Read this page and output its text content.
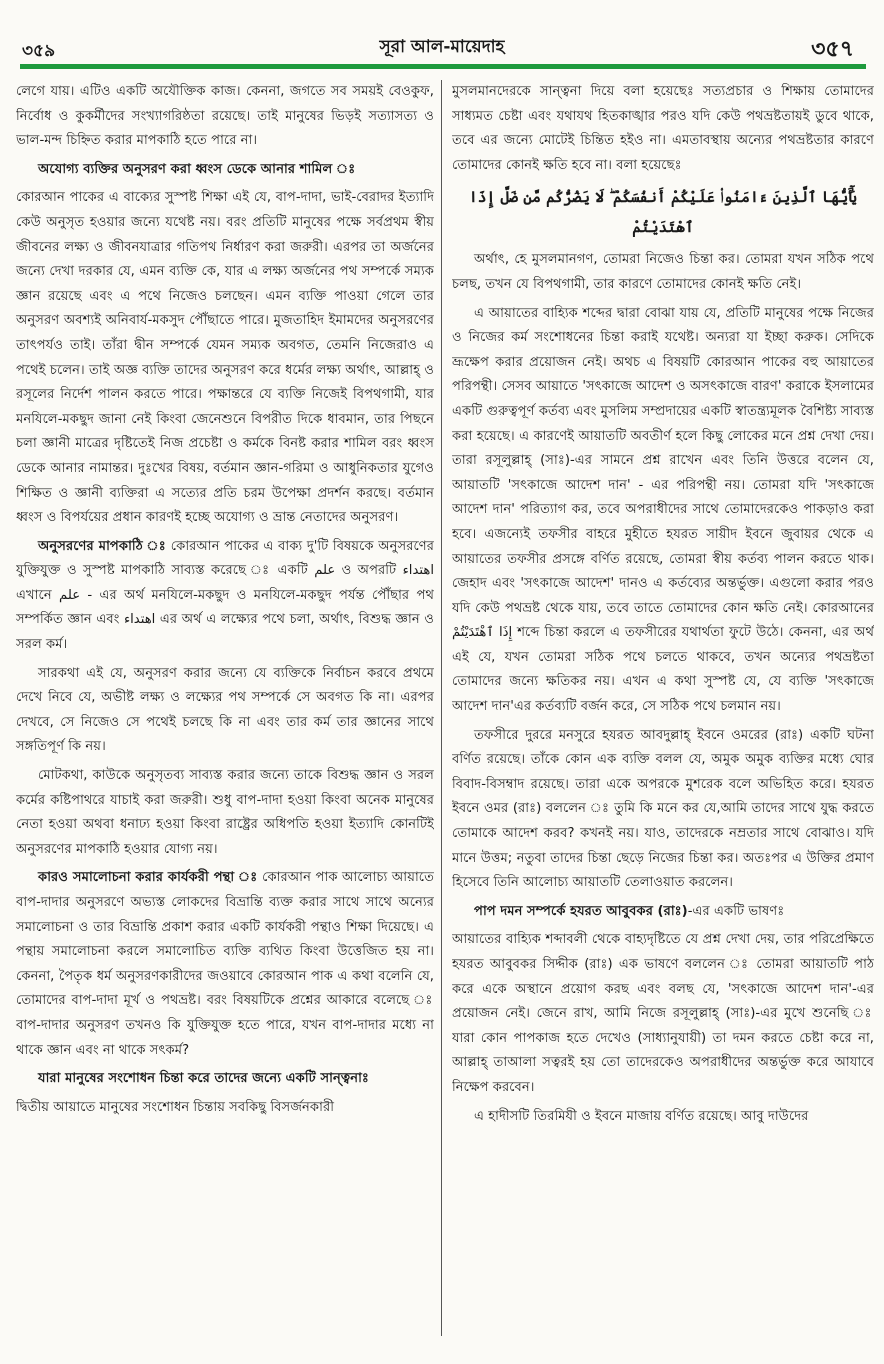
৩৫৯	সূরা আল-মায়েদাহ	৩৫৭

লেগে যায়। এটিও একটি অযৌক্তিক কাজ। কেননা, জগতে সব সময়ই বেওকুফ, নির্বোধ ও কুকর্মীদের সংখ্যাগরিষ্ঠতা রয়েছে। তাই মানুষের ভিড়ই সত্যাসত্য ও ভাল-মন্দ চিহ্নিত করার মাপকাঠি হতে পারে না।

অযোগ্য ব্যক্তির অনুসরণ করা ধ্বংস ডেকে আনার শামিল ঃ

কোরআন পাকের এ বাক্যের সুস্পষ্ট শিক্ষা এই যে, বাপ-দাদা, ভাই-বেরাদর ইত্যাদি কেউ অনুসৃত হওয়ার জন্যে যথেষ্ট নয়। বরং প্রতিটি মানুষের পক্ষে সর্বপ্রথম স্বীয় জীবনের লক্ষ্য ও জীবনযাত্রার গতিপথ নির্ধারণ করা জরুরী। এরপর তা অর্জনের জন্যে দেখা দরকার যে, এমন ব্যক্তি কে, যার এ লক্ষ্য অর্জনের পথ সম্পর্কে সম্যক জ্ঞান রয়েছে এবং এ পথে নিজেও চলছেন। এমন ব্যক্তি পাওয়া গেলে তার অনুসরণ অবশ্যই অনিবার্য-মকসুদ পৌঁছাতে পারে। মুজতাহিদ ইমামদের অনুসরণের তাৎপর্যও তাই। তাঁরা দ্বীন সম্পর্কে যেমন সম্যক অবগত, তেমনি নিজেরাও এ পথেই চলেন। তাই অজ্ঞ ব্যক্তি তাদের অনুসরণ করে ধর্মের লক্ষ্য অর্থাৎ, আল্লাহ্ ও রসূলের নির্দেশ পালন করতে পারে। পক্ষান্তরে যে ব্যক্তি নিজেই বিপথগামী, যার মনযিলে-মকছুদ জানা নেই কিংবা জেনেশুনে বিপরীত দিকে ধাবমান, তার পিছনে চলা জ্ঞানী মাত্রের দৃষ্টিতেই নিজ প্রচেষ্টা ও কর্মকে বিনষ্ট করার শামিল বরং ধ্বংস ডেকে আনার নামান্তর। দুঃখের বিষয়, বর্তমান জ্ঞান-গরিমা ও আধুনিকতার যুগেও শিক্ষিত ও জ্ঞানী ব্যক্তিরা এ সত্যের প্রতি চরম উপেক্ষা প্রদর্শন করছে। বর্তমান ধ্বংস ও বিপর্যয়ের প্রধান কারণই হচ্ছে অযোগ্য ও ভ্রান্ত নেতাদের অনুসরণ।

অনুসরণের মাপকাঠি ঃ কোরআন পাকের এ বাক্য দু'টি বিষয়কে অনুসরণের যুক্তিযুক্ত ও সুস্পষ্ট মাপকাঠি সাব্যস্ত করেছে ঃ একটি علم ও অপরটি اهتداء এখানে علم - এর অর্থ মনযিলে-মকছুদ ও মনযিলে-মকছুদ পর্যন্ত পৌঁছার পথ সম্পর্কিত জ্ঞান এবং اهتداء এর অর্থ এ লক্ষ্যের পথে চলা, অর্থাৎ, বিশুদ্ধ জ্ঞান ও সরল কর্ম।

সারকথা এই যে, অনুসরণ করার জন্যে যে ব্যক্তিকে নির্বাচন করবে প্রথমে দেখে নিবে যে, অভীষ্ট লক্ষ্য ও লক্ষ্যের পথ সম্পর্কে সে অবগত কি না। এরপর দেখবে, সে নিজেও সে পথেই চলছে কি না এবং তার কর্ম তার জ্ঞানের সাথে সঙ্গতিপূর্ণ কি নয়।

মোটকথা, কাউকে অনুসৃতব্য সাব্যস্ত করার জন্যে তাকে বিশুদ্ধ জ্ঞান ও সরল কর্মের কষ্টিপাথরে যাচাই করা জরুরী। শুধু বাপ-দাদা হওয়া কিংবা অনেক মানুষের নেতা হওয়া অথবা ধনাঢ্য হওয়া কিংবা রাষ্ট্রের অধিপতি হওয়া ইত্যাদি কোনটিই অনুসরণের মাপকাঠি হওয়ার যোগ্য নয়।

কারও সমালোচনা করার কার্যকরী পন্থা ঃ কোরআন পাক আলোচ্য আয়াতে বাপ-দাদার অনুসরণে অভ্যস্ত লোকদের বিভ্রান্তি ব্যক্ত করার সাথে সাথে অন্যের সমালোচনা ও তার বিভ্রান্তি প্রকাশ করার একটি কার্যকরী পন্থাও শিক্ষা দিয়েছে। এ পন্থায় সমালোচনা করলে সমালোচিত ব্যক্তি ব্যথিত কিংবা উত্তেজিত হয় না। কেননা, পৈতৃক ধর্ম অনুসরণকারীদের জওয়াবে কোরআন পাক এ কথা বলেনি যে, তোমাদের বাপ-দাদা মূর্খ ও পথভ্রষ্ট। বরং বিষয়টিকে প্রশ্নের আকারে বলেছে ঃ বাপ-দাদার অনুসরণ তখনও কি যুক্তিযুক্ত হতে পারে, যখন বাপ-দাদার মধ্যে না থাকে জ্ঞান এবং না থাকে সৎকর্ম?

যারা মানুষের সংশোধন চিন্তা করে তাদের জন্যে একটি সান্ত্বনাঃ

দ্বিতীয় আয়াতে মানুষের সংশোধন চিন্তায় সবকিছু বিসর্জনকারী

মুসলমানদেরকে সান্ত্বনা দিয়ে বলা হয়েছেঃ সত্যপ্রচার ও শিক্ষায় তোমাদের সাধ্যমত চেষ্টা এবং যথাযথ হিতকাঙ্খার পরও যদি কেউ পথভ্রষ্টতায়ই ডুবে থাকে, তবে এর জন্যে মোটেই চিন্তিত হইও না। এমতাবস্থায় অন্যের পথভ্রষ্টতার কারণে তোমাদের কোনই ক্ষতি হবে না। বলা হয়েছেঃ

يَٰٓأَيُّهَا ٱلَّذِينَ ءَامَنُوا۟ عَلَيْكُمْ أَنفُسَكُمْ ۖ لَا يَضُرُّكُم مَّن ضَلَّ إِذَا ٱهْتَدَيْتُمْ

অর্থাৎ, হে মুসলমানগণ, তোমরা নিজেও চিন্তা কর। তোমরা যখন সঠিক পথে চলছ, তখন যে বিপথগামী, তার কারণে তোমাদের কোনই ক্ষতি নেই।

এ আয়াতের বাহ্যিক শব্দের দ্বারা বোঝা যায় যে, প্রতিটি মানুষের পক্ষে নিজের ও নিজের কর্ম সংশোধনের চিন্তা করাই যথেষ্ট। অন্যরা যা ইচ্ছা করুক। সেদিকে ভ্রূক্ষেপ করার প্রয়োজন নেই। অথচ এ বিষয়টি কোরআন পাকের বহু আয়াতের পরিপন্থী। সেসব আয়াতে 'সৎকাজে আদেশ ও অসৎকাজে বারণ' করাকে ইসলামের একটি গুরুত্বপূর্ণ কর্তব্য এবং মুসলিম সম্প্রদায়ের একটি স্বাতন্ত্র্যমূলক বৈশিষ্ট্য সাব্যস্ত করা হয়েছে। এ কারণেই আয়াতটি অবতীর্ণ হলে কিছু লোকের মনে প্রশ্ন দেখা দেয়। তারা রসূলুল্লাহ্ (সাঃ)-এর সামনে প্রশ্ন রাখেন এবং তিনি উত্তরে বলেন যে, আয়াতটি 'সৎকাজে আদেশ দান' - এর পরিপন্থী নয়। তোমরা যদি 'সৎকাজে আদেশ দান' পরিত্যাগ কর, তবে অপরাধীদের সাথে তোমাদেরকেও পাকড়াও করা হবে। এজন্যেই তফসীর বাহরে মুহীতে হযরত সায়ীদ ইবনে জুবায়র থেকে এ আয়াতের তফসীর প্রসঙ্গে বর্ণিত রয়েছে, তোমরা স্বীয় কর্তব্য পালন করতে থাক। জেহাদ এবং 'সৎকাজে আদেশ' দানও এ কর্তব্যের অন্তর্ভুক্ত। এগুলো করার পরও যদি কেউ পথভ্রষ্ট থেকে যায়, তবে তাতে তোমাদের কোন ক্ষতি নেই। কোরআনের إِذَا ٱهْتَدَيْتُمْ শব্দে চিন্তা করলে এ তফসীরের যথার্থতা ফুটে উঠে। কেননা, এর অর্থ এই যে, যখন তোমরা সঠিক পথে চলতে থাকবে, তখন অন্যের পথভ্রষ্টতা তোমাদের জন্যে ক্ষতিকর নয়। এখন এ কথা সুস্পষ্ট যে, যে ব্যক্তি 'সৎকাজে আদেশ দান'এর কর্তব্যটি বর্জন করে, সে সঠিক পথে চলমান নয়।

তফসীরে দুররে মনসুরে হযরত আবদুল্লাহ্ ইবনে ওমরের (রাঃ) একটি ঘটনা বর্ণিত রয়েছে। তাঁকে কোন এক ব্যক্তি বলল যে, অমুক অমুক ব্যক্তির মধ্যে ঘোর বিবাদ-বিসম্বাদ রয়েছে। তারা একে অপরকে মুশরেক বলে অভিহিত করে। হযরত ইবনে ওমর (রাঃ) বললেন ঃ তুমি কি মনে কর যে,আমি তাদের সাথে যুদ্ধ করতে তোমাকে আদেশ করব? কখনই নয়। যাও, তাদেরকে নম্রতার সাথে বোঝাও। যদি মানে উত্তম; নতুবা তাদের চিন্তা ছেড়ে নিজের চিন্তা কর। অতঃপর এ উক্তির প্রমাণ হিসেবে তিনি আলোচ্য আয়াতটি তেলাওয়াত করলেন।

পাপ দমন সম্পর্কে হযরত আবুবকর (রাঃ)-এর একটি ভাষণঃ

আয়াতের বাহ্যিক শব্দাবলী থেকে বাহ্যদৃষ্টিতে যে প্রশ্ন দেখা দেয়, তার পরিপ্রেক্ষিতে হযরত আবুবকর সিদ্দীক (রাঃ) এক ভাষণে বললেন ঃ তোমরা আয়াতটি পাঠ করে একে অস্থানে প্রয়োগ করছ এবং বলছ যে, 'সৎকাজে আদেশ দান'-এর প্রয়োজন নেই। জেনে রাখ, আমি নিজে রসূলুল্লাহ্ (সাঃ)-এর মুখে শুনেছি ঃ যারা কোন পাপকাজ হতে দেখেও (সাধ্যানুযায়ী) তা দমন করতে চেষ্টা করে না, আল্লাহ্ তাআলা সত্বরই হয় তো তাদেরকেও অপরাধীদের অন্তর্ভুক্ত করে আযাবে নিক্ষেপ করবেন।

এ হাদীসটি তিরমিযী ও ইবনে মাজায় বর্ণিত রয়েছে। আবু দাউদের
